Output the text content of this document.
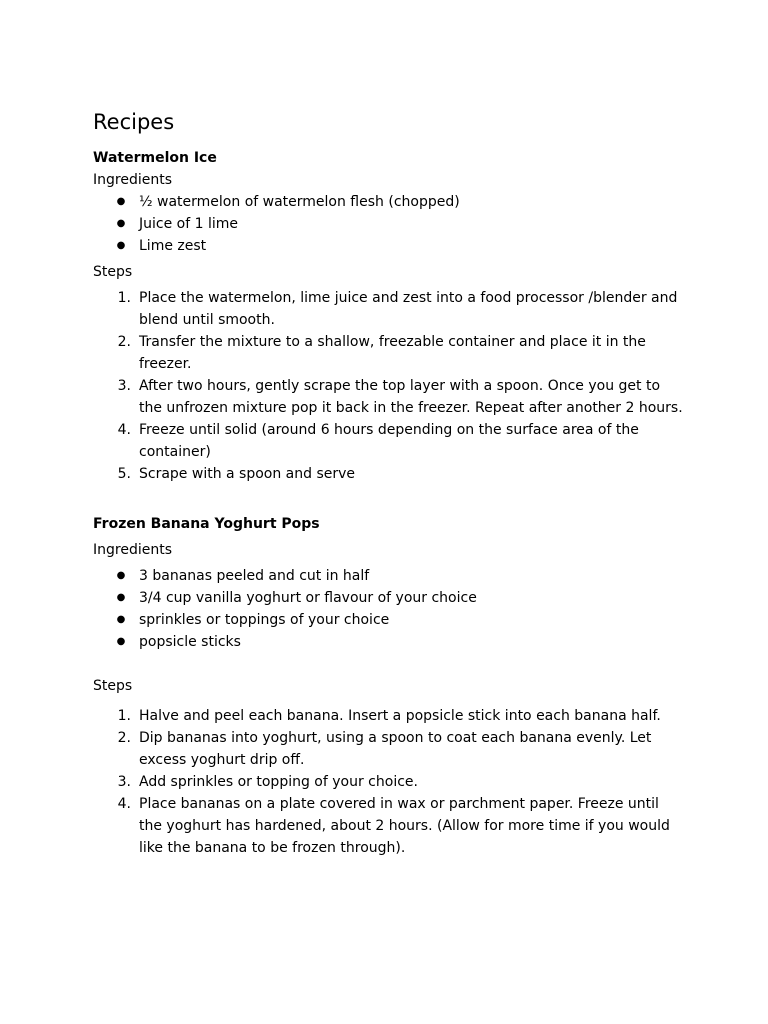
Recipes

Watermelon Ice

Ingredients

● ½ watermelon of watermelon flesh (chopped)
● Juice of 1 lime
● Lime zest

Steps

1. Place the watermelon, lime juice and zest into a food processor /blender and blend until smooth.
2. Transfer the mixture to a shallow, freezable container and place it in the freezer.
3. After two hours, gently scrape the top layer with a spoon. Once you get to the unfrozen mixture pop it back in the freezer. Repeat after another 2 hours.
4. Freeze until solid (around 6 hours depending on the surface area of the container)
5. Scrape with a spoon and serve

Frozen Banana Yoghurt Pops

Ingredients

● 3 bananas peeled and cut in half
● 3/4 cup vanilla yoghurt or flavour of your choice
● sprinkles or toppings of your choice
● popsicle sticks

Steps

1. Halve and peel each banana. Insert a popsicle stick into each banana half.
2. Dip bananas into yoghurt, using a spoon to coat each banana evenly. Let excess yoghurt drip off.
3. Add sprinkles or topping of your choice.
4. Place bananas on a plate covered in wax or parchment paper. Freeze until the yoghurt has hardened, about 2 hours. (Allow for more time if you would like the banana to be frozen through).
